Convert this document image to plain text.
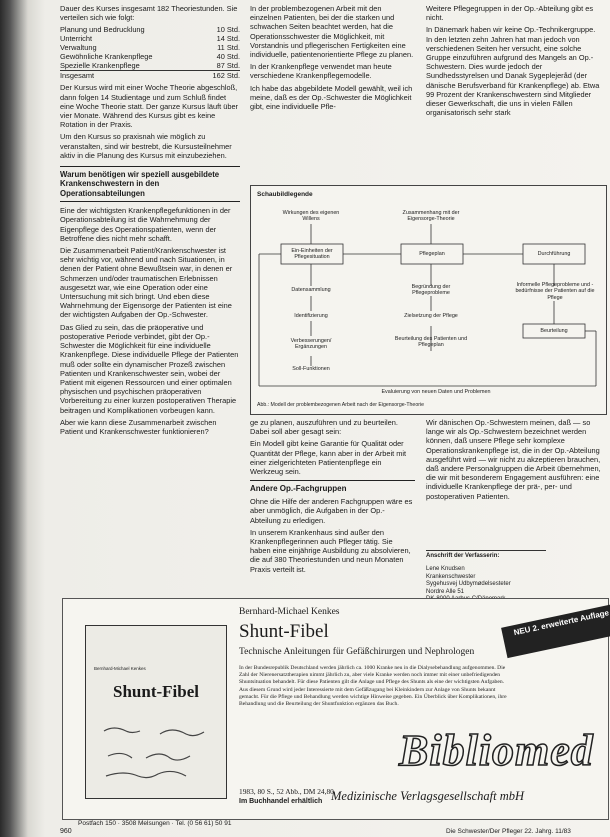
Dauer des Kurses insgesamt 182 Theoriestunden. Sie verteilen sich wie folgt:

Planung und Bedrucklung	10 Std.
Unterricht	14 Std.
Verwaltung	11 Std.
Gewöhnliche Krankenpflege	40 Std.
Spezielle Krankenpflege	87 Std.
Insgesamt	162 Std.

Der Kursus wird mit einer Woche Theorie abgeschloß, dann folgen 14 Studientage und zum Schluß findet eine Woche Theorie statt. Der ganze Kursus läuft über vier Monate. Während des Kursus gibt es keine Rotation in der Praxis.

Um den Kursus so praxisnah wie möglich zu veranstalten, sind wir bestrebt, die Kursusteilnehmer aktiv in die Planung des Kursus mit einzubeziehen.

Warum benötigen wir speziell ausgebildete Krankenschwestern in den Operationsabteilungen

Eine der wichtigsten Krankenpflegefunktionen in der Operationsabteilung ist die Wahrnehmung der Eigenpflege des Operationspatienten, wenn der Betroffene dies nicht mehr schafft.

Die Zusammenarbeit Patient/Krankenschwester ist sehr wichtig vor, während und nach Situationen, in denen der Patient ohne Bewußtsein war, in denen er Schmerzen und/oder traumatischen Erlebnissen ausgesetzt war, wie eine Operation oder eine Untersuchung mit sich bringt. Und eben diese Wahrnehmung der Eigensorge der Patienten ist eine der wichtigsten Aufgaben der Op.-Schwester.

Das Glied zu sein, das die präoperative und postoperative Periode verbindet, gibt der Op.-Schwester die Möglichkeit für eine individuelle Krankenpflege. Diese individuelle Pflege der Patienten muß oder sollte ein dynamischer Prozeß zwischen Patienten und Krankenschwester sein, wobei der Patient mit eigenen Ressourcen und einer optimalen physischen und psychischen präoperativen Vorbereitung zu einer kurzen postoperativen Therapie beitragen und Komplikationen vorbeugen kann.

Aber wie kann diese Zusammenarbeit zwischen Patient und Krankenschwester funktionieren?

In der problembezogenen Arbeit mit den einzelnen Patienten, bei der die starken und schwachen Seiten beachtet werden, hat die Operationsschwester die Möglichkeit, mit Vorstandnis und pflegerischen Fertigkeiten eine individuelle, patientenorientierte Pflege zu planen.

In der Krankenpflege verwendet man heute verschiedene Krankenpflegemodelle.

Ich habe das abgebildete Modell gewählt, weil ich meine, daß es der Op.-Schwester die Möglichkeit gibt, eine individuelle Pfle-

Weitere Pflegegruppen in der Op.-Abteilung gibt es nicht.

In Dänemark haben wir keine Op.-Technikergruppe. In den letzten zehn Jahren hat man jedoch von verschiedenen Seiten her versucht, eine solche Gruppe einzuführen aufgrund des Mangels an Op.-Schwestern. Dies wurde jedoch der Sundhedsstyrelsen und Danak Sygeplejeråd (der dänische Berufsverband für Krankenpflege) ab. Etwa 99 Prozent der Krankenschwestern sind Mitglieder dieser Gewerkschaft, die uns in vielen Fällen organisatorisch sehr stark

Schaubildlegende
Wirkungen des eigenen Willens
Zusammenhang mit der Eigensorge-Theorie
Ein-Einheiten der Pflegesituation
Pflegeplan	Durchführung
Datensammlung	Begründung der Pflegeprobleme
Informelle Pflegeprobleme und -bedürfnisse der Patienten auf die Pflege
Identifizierung	Zielsetzung der Pflege
Beurteilung
Beurteilung des Patienten und Pflegeplan
Verbesserungen/ Ergänzungen
Soll-Funktionen
Evaluierung von neuen Daten und Problemen
Abb.: Modell der problembezogenen Arbeit nach der Eigensorge-Theorie

ge zu planen, auszuführen und zu beurteilen. Dabei soll aber gesagt sein:

Ein Modell gibt keine Garantie für Qualität oder Quantität der Pflege, kann aber in der Arbeit mit einer zielgerichteten Patientenpflege ein Werkzeug sein.

Andere Op.-Fachgruppen

Ohne die Hilfe der anderen Fachgruppen wäre es aber unmöglich, die Aufgaben in der Op.-Abteilung zu erledigen.

In unserem Krankenhaus sind außer den Krankenpflegerinnen auch Pfleger tätig. Sie haben eine einjährige Ausbildung zu absolvieren, die auf 380 Theoriestunden und neun Monaten Praxis verteilt ist.

Wir dänischen Op.-Schwestern meinen, daß — so lange wir als Op.-Schwestern bezeichnet werden können, daß unsere Pflege sehr komplexe Operationskrankenpflege ist, die in der Op.-Abteilung ausgeführt wird — wir nicht zu akzeptieren brauchen, daß andere Personalgruppen die Arbeit übernehmen, die wir mit besonderem Engagement ausführen: eine individuelle Krankenpflege der prä-, per- und postoperativen Patienten.

Anschrift der Verfasserin:
Lene Knudsen
Krankenschwester
Sygehusvej Udbymødelsesteter
Nordre Alle 51
Bernhard-Michael Kenkes
Shunt-Fibel
Bernhard-Michael Kenkes
Shunt-Fibel
Technische Anleitungen für Gefäßchirurgen und Nephrologen
In der Bundesrepublik Deutschland werden jährlich ca. 1000 Kranke neu in die Dialysebehandlung aufgenommen. Die Zahl der Nierenersatztherapien nimmt jährlich zu, aber viele Kranke werden noch immer mit einer unbefriedigenden Shuntsituation behandelt. Für diese Patienten gilt die Anlage und Pflege des Shunts als eine der wichtigsten Aufgaben. Aus diesem Grund wird jeder Interessierte mit dem Gefäßzugang bei Kleinkindern zur Anlage von Shunts bekannt gemacht. Für die Pflege und Behandlung werden wichtige Hinweise gegeben. Ein Überblick über Komplikationen, ihre Behandlung und die Beurteilung der Shuntfunktion ergänzen das Buch.
1983, 80 S., 52 Abb., DM 24,80
Im Buchhandel erhältlich
NEU 2. erweiterte Auflage
Bibliomed
Medizinische Verlagsgesellschaft mbH
Postfach 150 · 3508 Melsungen · Tel. (0 56 61) 50 91
960	Die Schwester/Der Pfleger 22. Jahrg. 11/83
